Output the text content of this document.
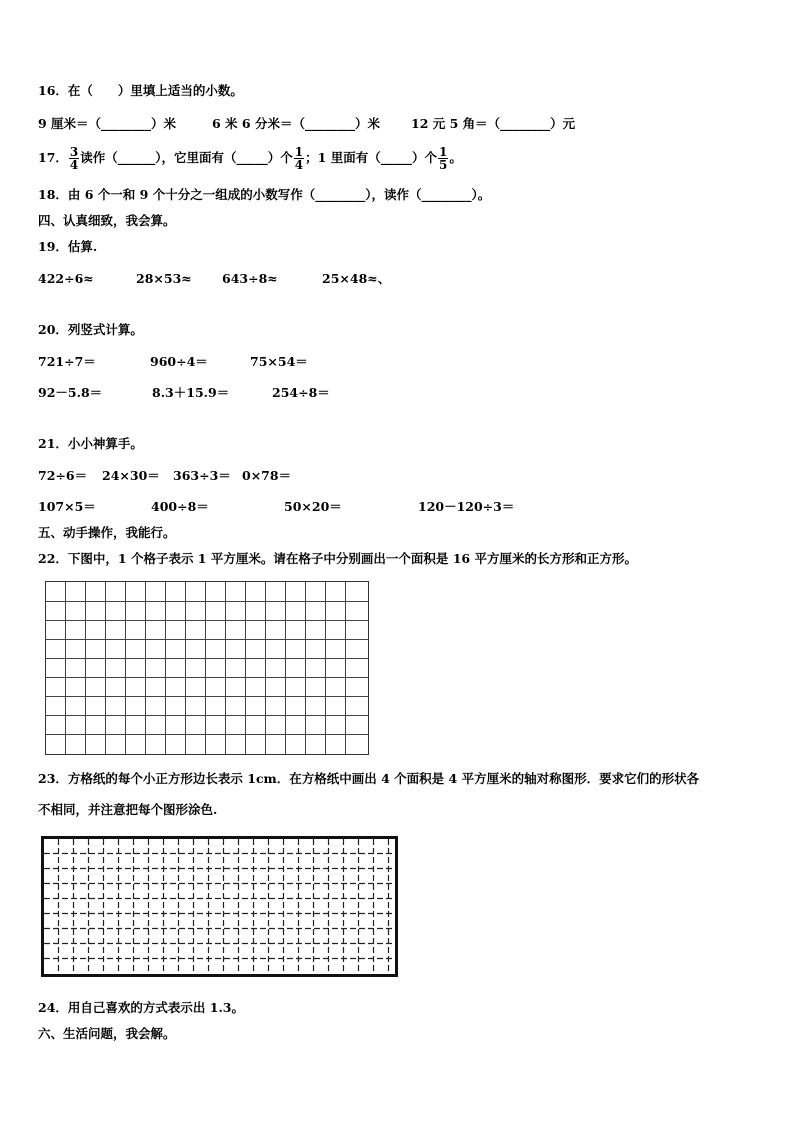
16．在（　　）里填上适当的小数。
9 厘米＝（________）米	6 米 6 分米＝（________）米 12 元 5 角＝（________）元
17． $\frac{3}{4}$ 读作（______），它里面有（_____）个 $\frac{1}{4}$ ；1 里面有（_____）个 $\frac{1}{5}$ 。
18．由 6 个一和 9 个十分之一组成的小数写作（________），读作（________）。
四、认真细致，我会算。
19．估算.
422÷6≈	28×53≈ 643÷8≈	25×48≈、
20．列竖式计算。
721÷7＝	960÷4＝	75×54＝
92－5.8＝	8.3＋15.9＝	254÷8＝
21．小小神算手。
72÷6＝ 24×30＝ 363÷3＝ 0×78＝
107×5＝	400÷8＝	50×20＝	120－120÷3＝
五、动手操作，我能行。
22．下图中，1 个格子表示 1 平方厘米。请在格子中分别画出一个面积是 16 平方厘米的长方形和正方形。
23．方格纸的每个小正方形边长表示 1cm．在方格纸中画出 4 个面积是 4 平方厘米的轴对称图形．要求它们的形状各
不相同，并注意把每个图形涂色.
24．用自己喜欢的方式表示出 1.3。
六、生活问题，我会解。
